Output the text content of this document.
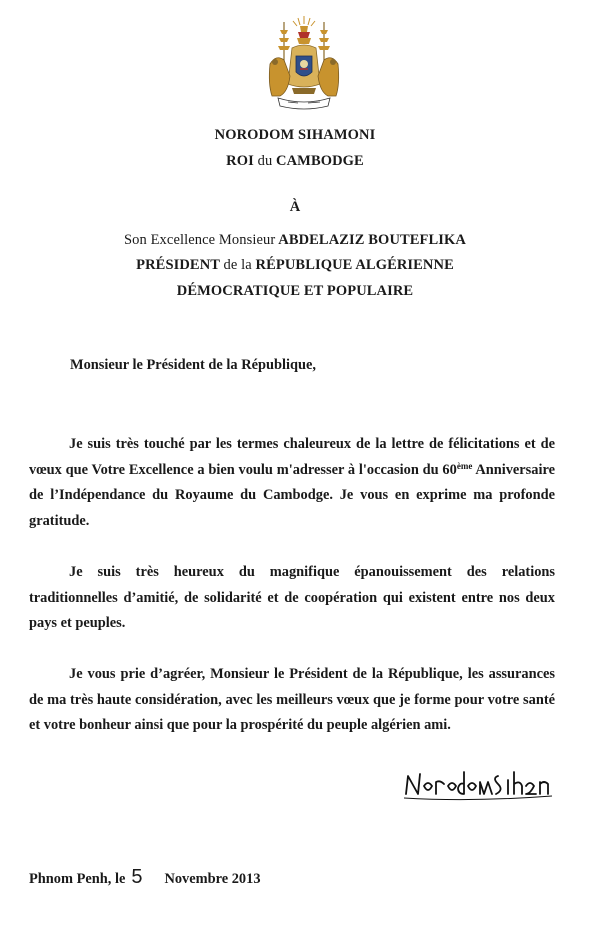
NORODOM SIHAMONI
ROI du CAMBODGE
À
Son Excellence Monsieur ABDELAZIZ BOUTEFLIKA
PRÉSIDENT de la RÉPUBLIQUE ALGÉRIENNE
DÉMOCRATIQUE ET POPULAIRE
Monsieur le Président de la République,

Je suis très touché par les termes chaleureux de la lettre de félicitations et de vœux que Votre Excellence a bien voulu m'adresser à l'occasion du 60ème Anniversaire de l’Indépendance du Royaume du Cambodge. Je vous en exprime ma profonde gratitude.

Je suis très heureux du magnifique épanouissement des relations traditionnelles d’amitié, de solidarité et de coopération qui existent entre nos deux pays et peuples.

Je vous prie d’agréer, Monsieur le Président de la République, les assurances de ma très haute considération, avec les meilleurs vœux que je forme pour votre santé et votre bonheur ainsi que pour la prospérité du peuple algérien ami.

Phnom Penh, le 5 Novembre 2013
